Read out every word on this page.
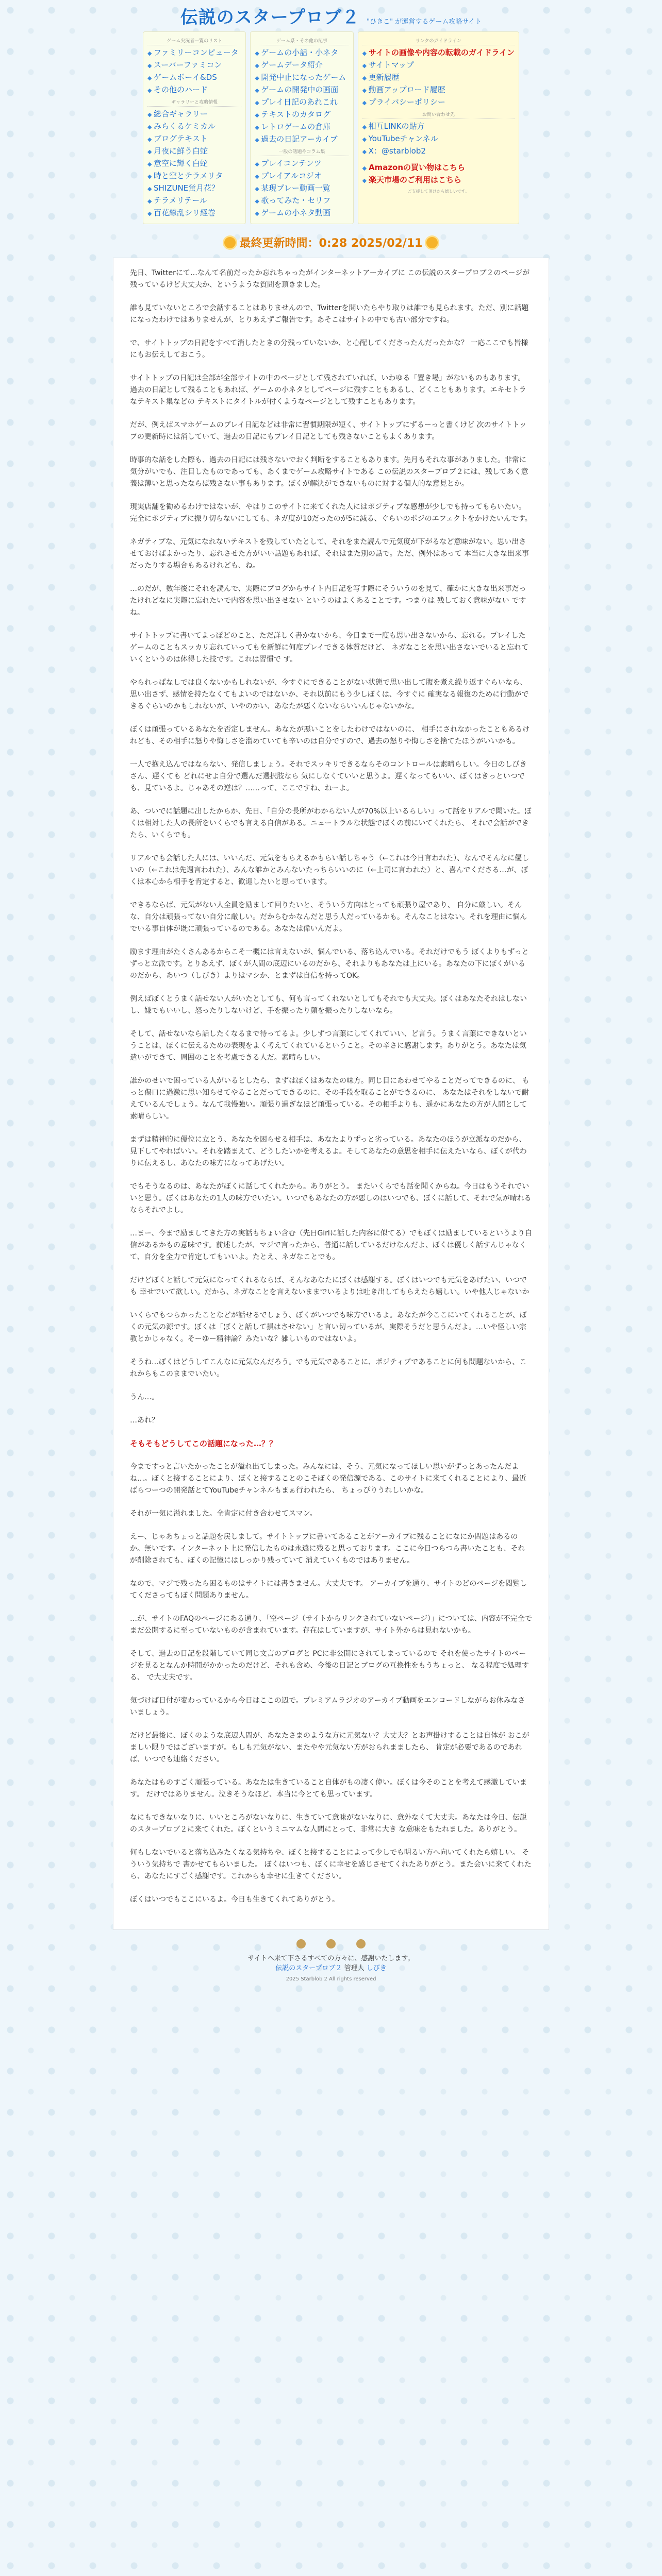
伝説のスタープロブ２ "ひきこ" が運営するゲーム攻略サイト
ゲーム実況者一覧のリスト
◆ ファミリーコンピュータ
◆ スーパーファミコン
◆ ゲームボーイ&DS
◆ その他のハード
ギャラリーと攻略情報
◆ 総合ギャラリー
◆ みらくるケミカル
◆ ブログテキスト
◆ 月夜に鮮う白蛇
◆ 意空に輝く白蛇
◆ 時と空とテラメリタ
◆ SHIZUNE蛍月花？
◆ テラメリテール
◆ 百花繚乱シリ経巻
ゲーム系・その他の記事
◆ ゲームの小話・小ネタ
◆ ゲームデータ紹介
◆ 開発中止になったゲーム
◆ ゲームの開発中の画面
◆ プレイ日記のあれこれ
◆ テキストのカタログ
◆ レトロゲームの倉庫
◆ 過去の日記アーカイブ
一般の話題やコラム集
◆ プレイコンテンツ
◆ プレイアルコジオ
◆ 某現プレー動画一覧
◆ 歌ってみた・セリフ
◆ ゲームの小ネタ動画
リンクのガイドライン
◆ サイトの画像や内容の転載のガイドライン
◆ サイトマップ
◆ 更新履歴
◆ 動画アップロード履歴
◆ プライバシーポリシー
お問い合わせ先
◆ 相互LINKの貼方
◆ YouTubeチャンネル
◆ X：@starblob2
◆ Amazonの買い物はこちら
◆ 楽天市場のご利用はこちら
ご支援して頂けたら嬉しいです。
最終更新時間：0:28 2025/02/11

先日、Twitterにて…なんて名前だったか忘れちゃったがインターネットアーカイブに この伝説のスタープロブ２のページが残っているけど大丈夫か、というような質問を頂きました。

誰も見ていないところで会話することはありませんので、Twitterを開いたらやり取りは誰でも見られます。ただ、別に話題になったわけではありませんが、とりあえずご報告です。あそこはサイトの中でも古い部分ですね。

で、サイトトップの日記をすべて消したときの分残っていないか、と心配してくださったんだったかな？ 一応ここでも皆様にもお伝えしておこう。

サイトトップの日記は全部が全部サイトの中のページとして残されていれば、いわゆる「置き場」がないものもあります。過去の日記として残ることもあれば、ゲームの小ネタとしてページに残すこともあるし、どくこともあります。エキセトラなテキスト集などの テキストにタイトルが付くようなページとして残すこともあります。

だが、例えばスマホゲームのプレイ日記などは非常に習慣期限が短く、サイトトップにずるーっと書くけど 次のサイトトップの更新時には消していて、過去の日記にもプレイ日記としても残さないこともよくあります。

時事的な話をした際も、過去の日記には残さないでおく判断をすることもあります。先月もそれな事がありました。非常に気分がいでも、注目したものであっても、あくまでゲーム攻略サイトである この伝説のスタープロブ２には、残してあく意義は薄いと思ったならば残さない事もあります。ぼくが解決ができないものに対する個人的な意見とか。

現実店舗を勧めるわけではないが、やはりこのサイトに来てくれた人にはポジティブな感想が少しでも持ってもらいたい。完全にポジティブに振り切らないにしても、ネガ度が10だったのが5に減る、ぐらいのポジのエフェクトをかけたいんです。

ネガティブな、元気になれないテキストを残していたとして、それをまた読んで元気度が下がるなど意味がない。思い出させておけばよかったり、忘れさせた方がいい話題もあれば、それはまた別の話で。ただ、例外はあって 本当に大きな出来事だったりする場合もあるけれども、ね。

…のだが、数年後にそれを読んで、実際にブログからサイト内日記を写す際にそういうのを見て、確かに大きな出来事だったけれどなに実際に忘れたいで内容を思い出させない というのはよくあることです。つまりは 残しておく意味がない ですね。

サイトトップに書いてよっぽどのこと、ただ詳しく書かないから、今日まで一度も思い出さないから、忘れる。プレイしたゲームのこともスッカリ忘れていってもを新鮮に何度プレイできる体質だけど、 ネガなことを思い出さないでいると忘れていくというのは体得した技です。これは習慣で す。

やられっぱなしでは良くないかもしれないが、今すぐにできることがない状態で思い出して腹を煮え繰り返すぐらいなら、思い出さず、感情を持たなくてもよいのではないか、それ以前にもう少しぼくは、今すぐに 確実なる報復のために行動ができるぐらいのかもしれないが、いやのかい、あなたが悪くないならいいんじゃないかな。

ぼくは頑張っているあなたを否定しません。あなたが悪いことをしたわけではないのに、 相手にされなかったこともあるけれども、その相手に怒りや悔しさを溜めていても辛いのは自分ですので、過去の怒りや悔しさを捨てたほうがいいかも。

一人で抱え込んではならない、発信しましょう。それでスッキリできるならそのコントロールは素晴らしい。今日のしびきさん、遅くても どれにせよ自分で選んだ選択肢なら 気にしなくていいと思うよ。遅くなってもいい、ぼくはきっといつでも、見ているよ。じゃあその逆は？……って、ここですね、ねーよ。

あ、ついでに話題に出したからか、先日、「自分の長所がわからない人が70%以上いるらしい」って話をリアルで聞いた。ぼくは相対した人の長所をいくらでも言える自信がある。ニュートラルな状態でぼくの前にいてくれたら、 それで会話ができたら、いくらでも。

リアルでも会話した人には、いいんだ、元気をもらえるかもらい話しちゃう（←これは今日言われた）、なんでそんなに優しいの（←これは先週言われた）、みんな誰かとみんないたっちらいいのに（←上司に言われた）と、喜んでくださる…が、ぼくは本心から相手を肯定すると、歓迎したいと思っています。

できるならば、元気がない人全員を励まして回りたいと、そういう方向はとっても頑張り屋であり、 自分に厳しい。そんな、自分は頑張ってない自分に厳しい。だからむかなんだと思う人だっているかも。そんなことはない。それを理由に悩んでいる事自体が既に頑張っているのである。あなたは偉いんだよ。

励ます理由がたくさんあるからこそ一概には言えないが、悩んでいる、落ち込んでいる。それだけでもう ぼくよりもずっとずっと立派です。とりあえず、ぼくが人間の底辺にいるのだから、それよりもあなたは上にいる。あなたの下にぼくがいるのだから、あいつ（しびき）よりはマシか、とまずは自信を持ってOK。

例えばぼくとうまく話せない人がいたとしても、何も言ってくれないとしてもそれでも大丈夫。ぼくはあなたそれはしない し、嫌でもいいし、怒ったりしないけど、手を振ったり顔を振ったりしないなら。

そして、話せないなら話したくなるまで待ってるよ。少しずつ言葉にしてくれていい、ど言う。うまく言葉にできないということは、ぼくに伝えるための表現をよく考えてくれているということ。その辛さに感謝します。ありがとう。あなたは気遣いができて、周囲のことを考慮できる人だ。素晴らしい。

誰かのせいで困っている人がいるとしたら、まずはぼくはあなたの味方。同じ目にあわせてやることだってできるのに、 もっと傷口に過激に思い知らせてやることだってできるのに、その手段を取ることができるのに、 あなたはそれをしないで耐えているんでしょう。なんて我慢強い。頑張り過ぎなほど頑張っている。その相手よりも、遥かにあなたの方が人間として素晴らしい。

まずは精神的に優位に立とう、あなたを困らせる相手は、あなたよりずっと劣っている。あなたのほうが立派なのだから、見下してやればいい。それを踏まえて、どうしたいかを考えるよ。そしてあなたの意思を相手に伝えたいなら、ぼくが代わりに伝えるし、あなたの味方になってあげたい。

でもそうなるのは、あなたがぼくに話してくれたから。ありがとう。 またいくらでも話を聞くからね。今日はもうそれでいいと思う。ぼくはあなたの1人の味方でいたい。いつでもあなたの方が悪しのはいつでも、ぼくに話して、それで気が晴れるならそれでよし。

…まー、今まで励ましてきた方の実話もちょい含む（先日Girlに話した内容に似てる）でもぼくは励ましているというより自信があるかもの意味です。前述したが、マジで言ったから、普通に話しているだけなんだよ、ぼくは優しく話すんじゃなくて、自分を全力で肯定してもいいよ。たとえ、ネガなことでも。

だけどぼくと話して元気になってくれるならば、そんなあなたにぼくは感謝する。ぼくはいつでも元気をあげたい、いつでも 幸せでいて欲しい。だから、ネガなことを言えないままでいるよりは吐き出してもらえたら嬉しい。いや他人じゃないか

いくらでもつらかったことなどが話せるでしょう、ぼくがいつでも味方でいるよ。あなたが今ここにいてくれることが、ぼくの元気の源です。ぼくは「ぼくと話して損はさせない」と言い切っているが、実際そうだと思うんだよ。…いや怪しい宗教とかじゃなく。そーゆー精神論？みたいな？雑しいものではないよ。

そうね…ぼくはどうしてこんなに元気なんだろう。でも元気であることに、ポジティブであることに何も問題ないから、これからもこのままでいたい。

うん…。

…あれ？

そもそもどうしてこの話題になった…？？

今まですっと言いたかったことが溢れ出てしまった。みんなには、そう、元気になってほしい思いがずっとあったんだよね…。ぼくと接することにより、ぼくと接することのこそぼくの発信源である、このサイトに来てくれることにより、最近ばらつーつの開発話とてYouTubeチャンネルもまぁ行われたら、 ちょっぴりうれしいかな。

それが一気に溢れました。全肯定に付き合わせてスマン。

えー、じゃあちょっと話題を戻しまして。サイトトップに書いてあることがアーカイブに残ることになにか問題はあるのか。無いです。インターネット上に発信したものは永遠に残ると思っております。ここに今日つらつら書いたことも、それが削除されても、ぼくの記憶にはしっかり残っていて 消えていくものではありません。

なので、マジで残ったら困るものはサイトには書きません。大丈夫です。 アーカイブを通り、サイトのどのページを閲覧してくださってもぼく問題ありません。

…が、サイトのFAQのページにある通り、「空ページ（サイトからリンクされていないページ）」については、内容が不完全でまだ公開するに至っていないものが含まれています。存在はしていますが、サイト外からは見れないかも。

そして、過去の日記を段階していて同じ文言のブログと PCに非公開にされてしまっているので それを使ったサイトのページを見るとなんか時間がかかったのだけど、それも含め、今後の日記とブログの互換性をもうちょっと、 なる程度で処理する、 で大丈夫です。

気づけば日付が変わっているから今日はここの辺で。プレミアムラジオのアーカイブ動画をエンコードしながらお休みなさいましょう。

だけど最後に、ぼくのような底辺人間が、あなたさまのような方に元気ない？大丈夫？とお声掛けすることは自体が おこがましい限りではございますが。もしも元気がない、またやや元気ない方がおられまましたら、 肯定が必要であるのであれば、いつでも連絡ください。

あなたはものすごく頑張っている。あなたは生きていること自体がもの凄く偉い。ぼくは今そのことを考えて感激しています。 だけではありません。泣きそうなほど、本当に今とても思っています。

なにもできないなりに、いいところがないなりに、生きていて意味がないなりに、意外なくて大丈夫。あなたは今日、伝説のスタープロブ２に来てくれた。ぼくというミニマムな人間にとって、非常に大き な意味をもたれました。ありがとう。

何もしないでいると落ち込みたくなる気持ちや、ぼくと接することによって少しでも明るい方へ向いてくれたら嬉しい。 そういう気持ちで 書かせてもらいました。 ぼくはいつも、ぼくに幸せを感じさせてくれたありがとう。また会いに来てくれたら、あなたにすごく感謝です。これからも幸せに生きてください。

ぼくはいつでもここにいるよ。今日も生きてくれてありがとう。

サイトへ来て下さるすべての方々に、感謝いたします。
伝説のスタープロブ２ 管理人 しびき
2025 Starblob 2 All rights reserved
